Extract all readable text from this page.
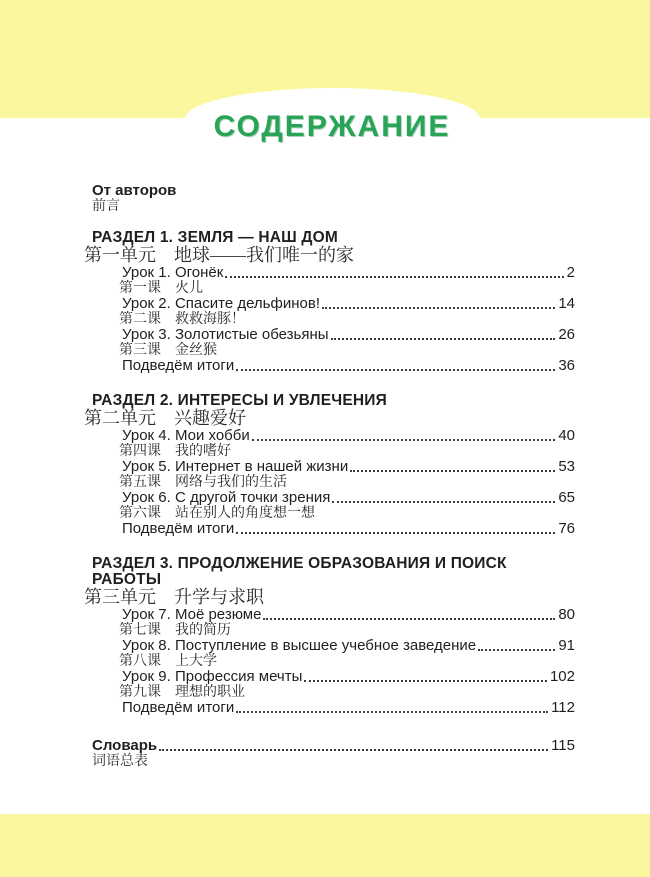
СОДЕРЖАНИЕ
От авторов
前言
РАЗДЕЛ 1. ЗЕМЛЯ — НАШ ДОМ
第一单元　地球——我们唯一的家
Урок 1. Огонёк	2
第一课　火儿
Урок 2. Спасите дельфинов!	14
第二课　救救海豚！
Урок 3. Золотистые обезьяны	26
第三课　金丝猴
Подведём итоги	36
РАЗДЕЛ 2. ИНТЕРЕСЫ И УВЛЕЧЕНИЯ
第二单元　兴趣爱好
Урок 4. Мои хобби	40
第四课　我的嗜好
Урок 5. Интернет в нашей жизни	53
第五课　网络与我们的生活
Урок 6. С другой точки зрения	65
第六课　站在别人的角度想一想
Подведём итоги	76
РАЗДЕЛ 3. ПРОДОЛЖЕНИЕ ОБРАЗОВАНИЯ И ПОИСК РАБОТЫ
第三单元　升学与求职
Урок 7. Моё резюме	80
第七课　我的简历
Урок 8. Поступление в высшее учебное заведение	91
第八课　上大学
Урок 9. Профессия мечты	102
第九课　理想的职业
Подведём итоги	112
Словарь	115
词语总表
